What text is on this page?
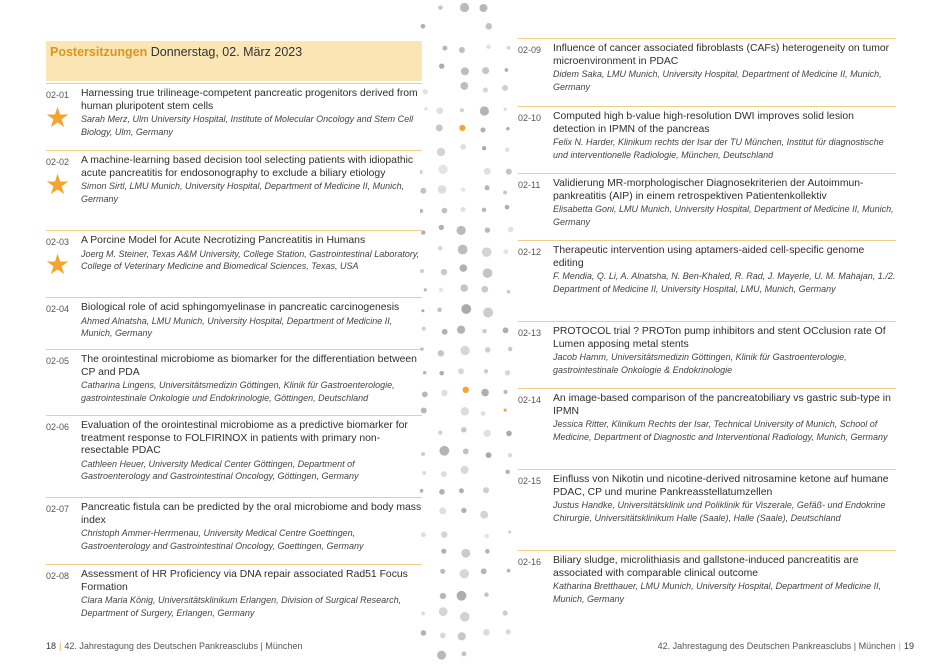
Postersitzungen Donnerstag, 02. März 2023
02-01
★

Harnessing true trilineage-competent pancreatic progenitors derived from human pluripotent stem cells

Sarah Merz, Ulm University Hospital, Institute of Molecular Oncology and Stem Cell Biology, Ulm, Germany

02-02
★

A machine-learning based decision tool selecting patients with idiopathic acute pancreatitis for endosonography to exclude a biliary etiology

Simon Sirtl, LMU Munich, University Hospital, Department of Medicine II, Munich, Germany

02-03
★

A Porcine Model for Acute Necrotizing Pancreatitis in Humans

Joerg M. Steiner, Texas A&M University, College Station, Gastrointestinal Laboratory, College of Veterinary Medicine and Biomedical Sciences, Texas, USA

02-04 Biological role of acid sphingomyelinase in pancreatic carcinogenesis

Ahmed Alnatsha, LMU Munich, University Hospital, Department of Medicine II, Munich, Germany

02-05 The orointestinal microbiome as biomarker for the differentiation between CP and PDA

Catharina Lingens, Universitätsmedizin Göttingen, Klinik für Gastroenterologie, gastrointestinale Onkologie und Endokrinologie, Göttingen, Deutschland

02-06 Evaluation of the orointestinal microbiome as a predictive biomarker for treatment response to FOLFIRINOX in patients with primary non-resectable PDAC

Cathleen Heuer, University Medical Center Göttingen, Department of Gastroenterology and Gastrointestinal Oncology, Göttingen, Germany

02-07 Pancreatic fistula can be predicted by the oral microbiome and body mass index

Christoph Ammer-Herrmenau, University Medical Centre Goettingen, Gastroenterology and Gastrointestinal Oncology, Goettingen, Germany

02-08 Assessment of HR Proficiency via DNA repair associated Rad51 Focus Formation

Clara Maria König, Universitätsklinikum Erlangen, Division of Surgical Research, Department of Surgery, Erlangen, Germany

02-09 Influence of cancer associated fibroblasts (CAFs) heterogeneity on tumor microenvironment in PDAC

Didem Saka, LMU Munich, University Hospital, Department of Medicine II, Munich, Germany

02-10 Computed high b-value high-resolution DWI improves solid lesion detection in IPMN of the pancreas

Felix N. Harder, Klinikum rechts der Isar der TU München, Institut für diagnostische und interventionelle Radiologie, München, Deutschland

02-11 Validierung MR-morphologischer Diagnosekriterien der Autoimmun-pankreatitis (AIP) in einem retrospektiven Patientenkollektiv

Elisabetta Goni, LMU Munich, University Hospital, Department of Medicine II, Munich, Germany

02-12 Therapeutic intervention using aptamers-aided cell-specific genome editing

F. Mendia, Q. Li, A. Alnatsha, N. Ben-Khaled, R. Rad, J. Mayerle, U. M. Mahajan, 1./2. Department of Medicine II, University Hospital, LMU, Munich, Germany

02-13 PROTOCOL trial ? PROTon pump inhibitors and stent OCclusion rate Of Lumen apposing metal stents

Jacob Hamm, Universitätsmedizin Göttingen, Klinik für Gastroenterologie, gastrointestinale Onkologie & Endokrinologie

02-14 An image-based comparison of the pancreatobiliary vs gastric sub-type in IPMN

Jessica Ritter, Klinikum Rechts der Isar, Technical University of Munich, School of Medicine, Department of Diagnostic and Interventional Radiology, Munich, Germany

02-15 Einfluss von Nikotin und nicotine-derived nitrosamine ketone auf humane PDAC, CP und murine Pankreasstellatumzellen

Justus Handke, Universitätsklinik und Poliklinik für Viszerale, Gefäß- und Endokrine Chirurgie, Universitätsklinikum Halle (Saale), Halle (Saale), Deutschland

02-16 Biliary sludge, microlithiasis and gallstone-induced pancreatitis are associated with comparable clinical outcome

Katharina Bretthauer, LMU Munich, University Hospital, Department of Medicine II, Munich, Germany

18 | 42. Jahrestagung des Deutschen Pankreasclubs | München	42. Jahrestagung des Deutschen Pankreasclubs | München | 19
